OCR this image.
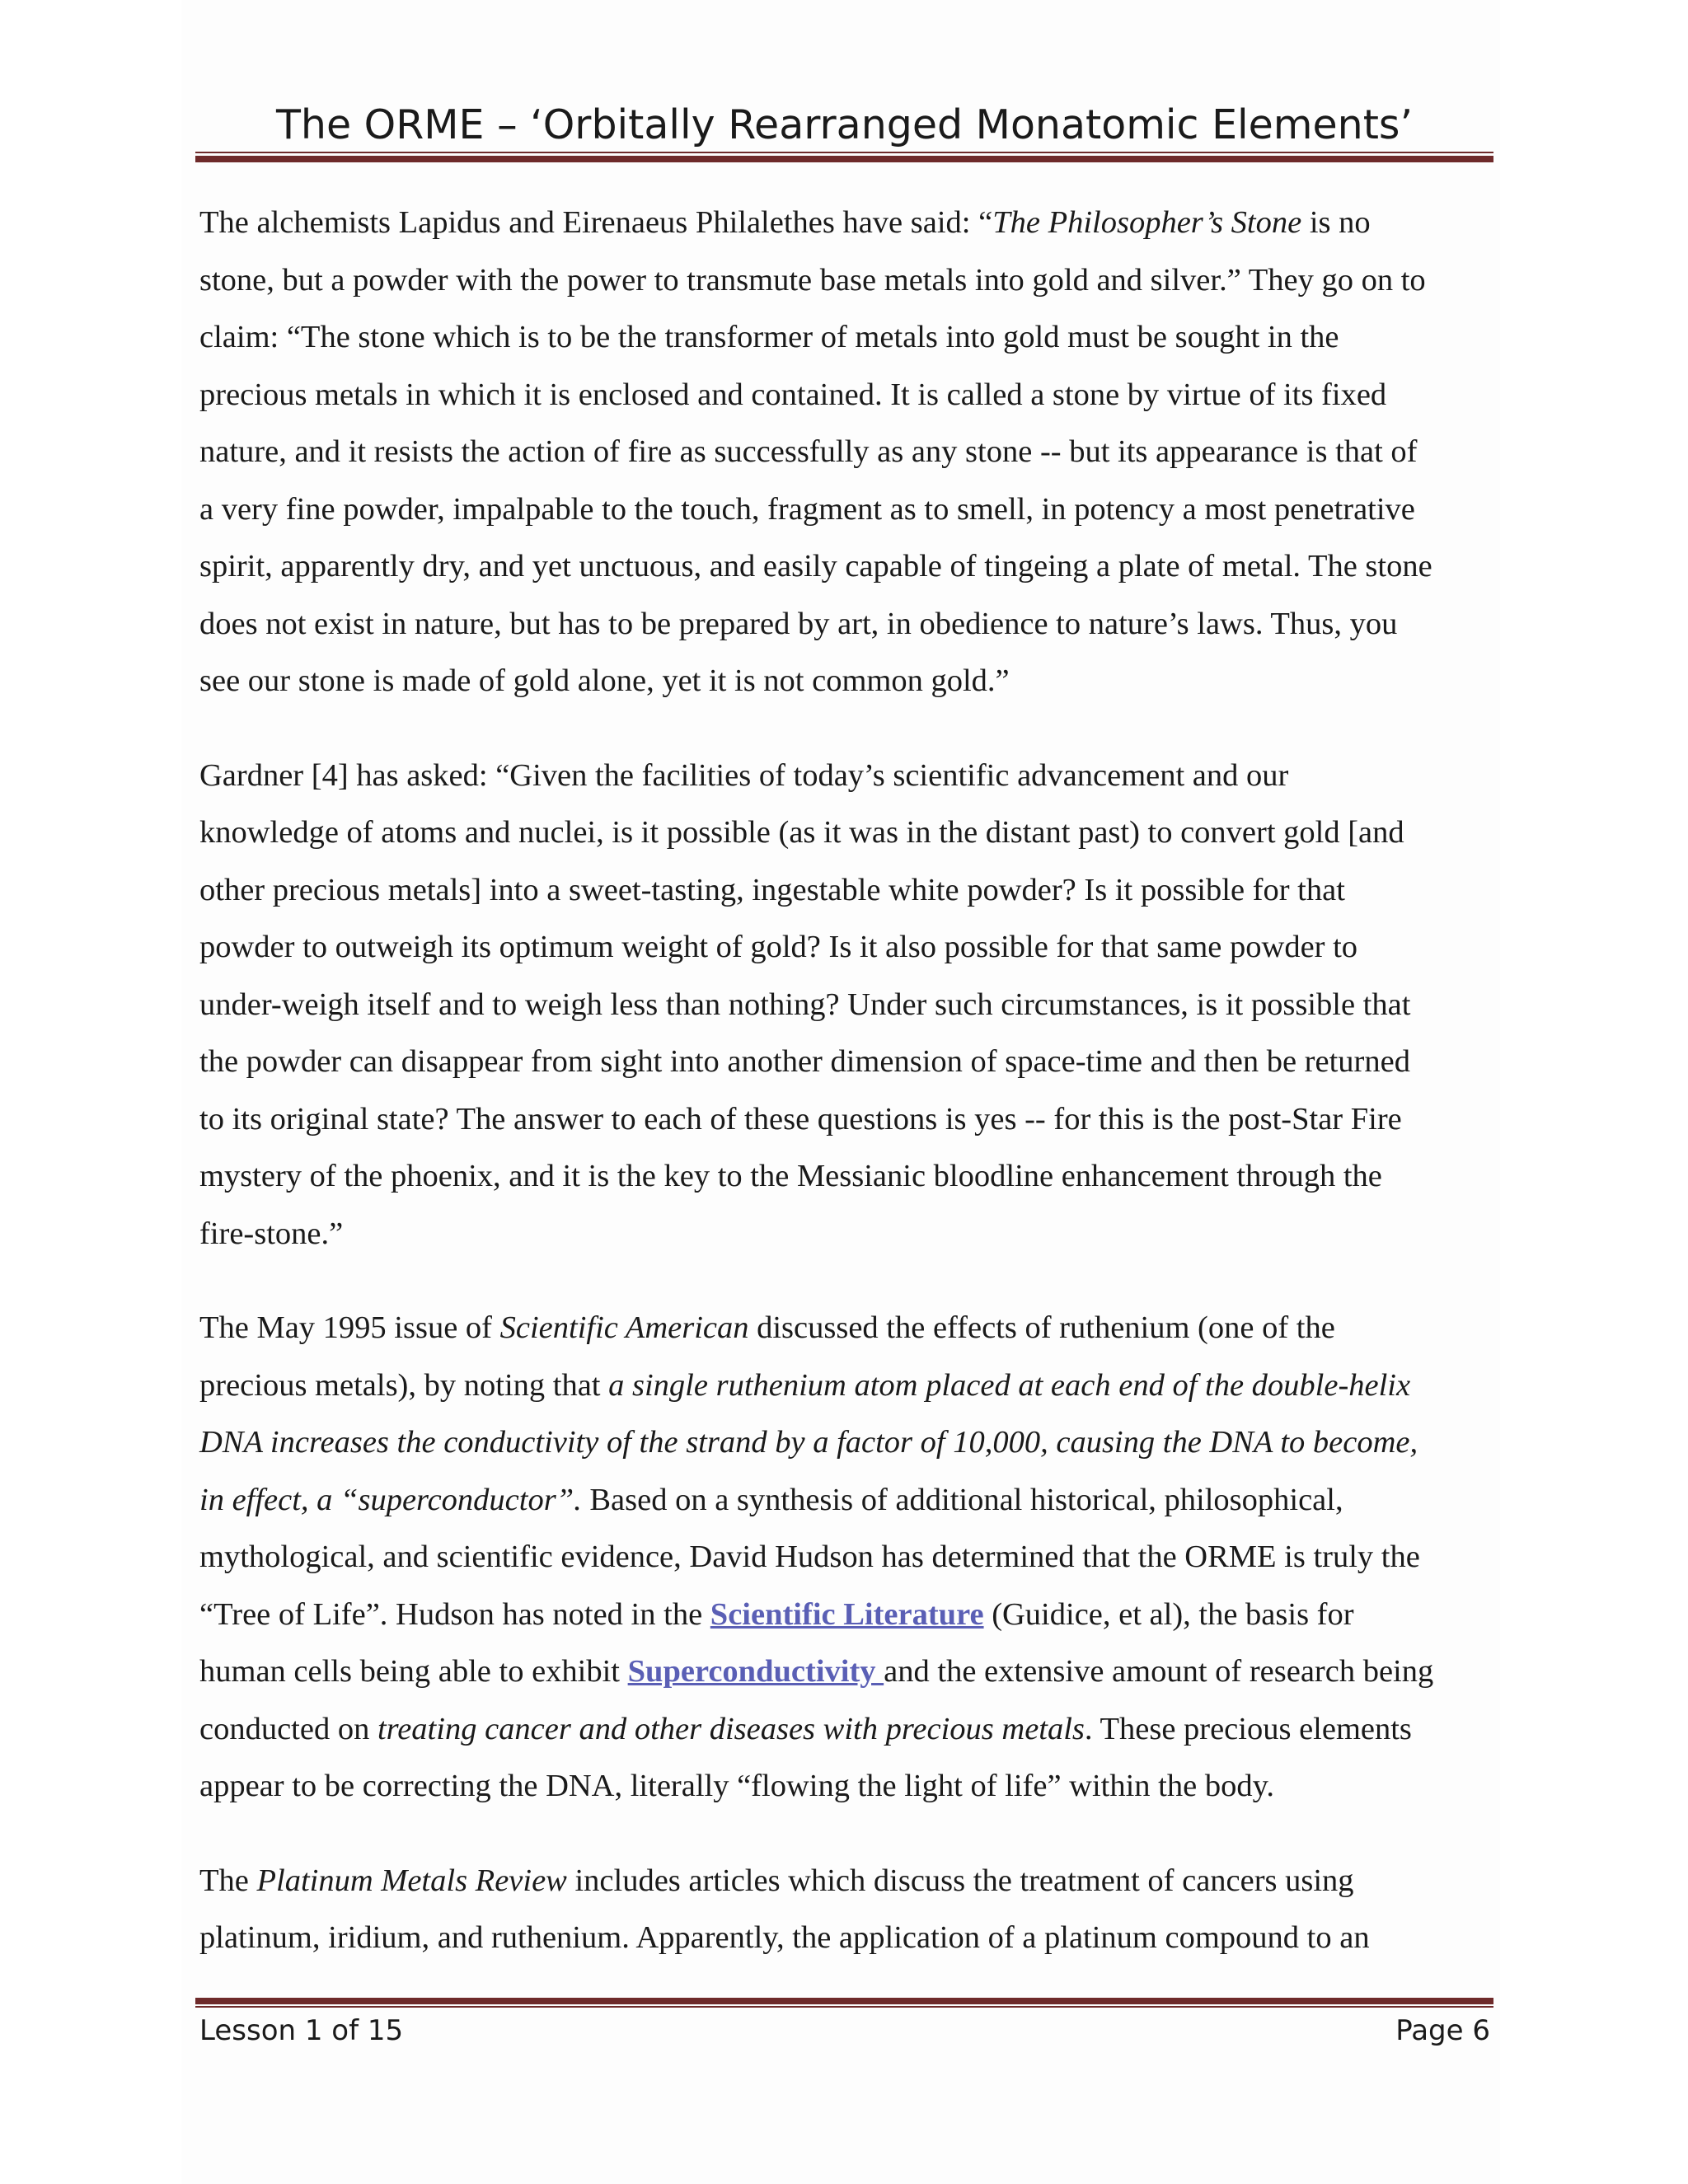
The ORME – ‘Orbitally Rearranged Monatomic Elements’

The alchemists Lapidus and Eirenaeus Philalethes have said: “The Philosopher’s Stone is no
stone, but a powder with the power to transmute base metals into gold and silver.” They go on to
claim: “The stone which is to be the transformer of metals into gold must be sought in the
precious metals in which it is enclosed and contained. It is called a stone by virtue of its fixed
nature, and it resists the action of fire as successfully as any stone -- but its appearance is that of
a very fine powder, impalpable to the touch, fragment as to smell, in potency a most penetrative
spirit, apparently dry, and yet unctuous, and easily capable of tingeing a plate of metal. The stone
does not exist in nature, but has to be prepared by art, in obedience to nature’s laws. Thus, you
see our stone is made of gold alone, yet it is not common gold.”

Gardner [4] has asked: “Given the facilities of today’s scientific advancement and our
knowledge of atoms and nuclei, is it possible (as it was in the distant past) to convert gold [and
other precious metals] into a sweet-tasting, ingestable white powder? Is it possible for that
powder to outweigh its optimum weight of gold? Is it also possible for that same powder to
under-weigh itself and to weigh less than nothing? Under such circumstances, is it possible that
the powder can disappear from sight into another dimension of space-time and then be returned
to its original state? The answer to each of these questions is yes -- for this is the post-Star Fire
mystery of the phoenix, and it is the key to the Messianic bloodline enhancement through the
fire-stone.”

The May 1995 issue of Scientific American discussed the effects of ruthenium (one of the
precious metals), by noting that a single ruthenium atom placed at each end of the double-helix
DNA increases the conductivity of the strand by a factor of 10,000, causing the DNA to become,
in effect, a “superconductor”. Based on a synthesis of additional historical, philosophical,
mythological, and scientific evidence, David Hudson has determined that the ORME is truly the
“Tree of Life”. Hudson has noted in the Scientific Literature (Guidice, et al), the basis for
human cells being able to exhibit Superconductivity and the extensive amount of research being
conducted on treating cancer and other diseases with precious metals. These precious elements
appear to be correcting the DNA, literally “flowing the light of life” within the body.

The Platinum Metals Review includes articles which discuss the treatment of cancers using
platinum, iridium, and ruthenium. Apparently, the application of a platinum compound to an

Lesson 1 of 15	Page 6
